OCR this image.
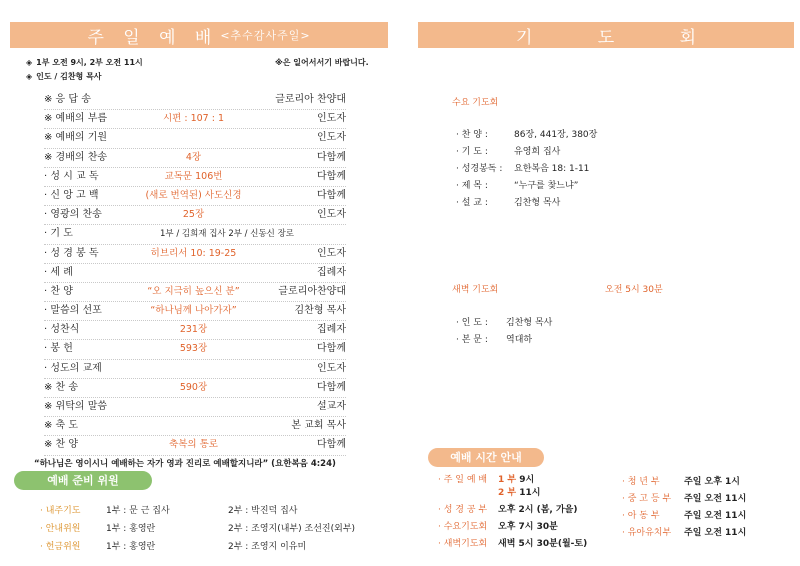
주 일 예 배 <추수감사주일>
◈ 1부 오전 9시, 2부 오전 11시	※은 일어서서기 바랍니다.
◈ 인도 / 김찬형 목사
※ 응 답 송	글로리아 찬양대
※ 예배의 부름	시편 : 107 : 1	인도자
※ 예배의 기원	인도자
※ 경배의 찬송	4장	다함께
· 성 시 교 독	교독문 106번	다함께
· 신 앙 고 백	(새로 번역된) 사도신경	다함께
· 영광의 찬송	25장	인도자
· 기 도	1부 / 김희재 집사 2부 / 신동신 장로
· 성 경 봉 독	히브리서 10: 19-25	인도자
· 세 례	집례자
· 찬 양	“오 지극히 높으신 분”	글로리아찬양대
· 말씀의 선포	“하나님께 나아가자”	김찬형 목사
· 성찬식	231장	집례자
· 봉 헌	593장	다함께
· 성도의 교제	인도자
※ 찬 송	590장	다함께
※ 위탁의 말씀	설교자
※ 축 도	본 교회 목사
※ 찬 양	축복의 통로	다함께
“하나님은 영이시니 예배하는 자가 영과 진리로 예배할지니라” (요한복음 4:24)
예배 준비 위원
· 내주기도	1부 : 문 근 집사	2부 : 박진덕 집사
· 안내위원	1부 : 홍영란	2부 : 조영지(내부) 조선진(외부)
· 헌금위원	1부 : 홍영란	2부 : 조영지 이유미
기 도 회
수요 기도회
· 찬 양 :	86장, 441장, 380장
· 기 도 :	유영희 집사
· 성경봉독 : 요한복음 18: 1-11
· 제 목 :	“누구를 찾느냐”
· 설 교 :	김찬형 목사
새벽 기도회	오전 5시 30분
· 인 도 : 김찬형 목사
· 본 문 : 역대하
예배 시간 안내
· 주 일 예 배 1 부 9시
2 부 11시
· 성 경 공 부 오후 2시 (봄, 가을)
· 수요기도회 오후 7시 30분
· 새벽기도회 새벽 5시 30분(월-토)
· 청 년 부	주일 오후 1시
· 중 고 등 부 주일 오전 11시
· 아 동 부	주일 오전 11시
· 유아유치부 주일 오전 11시
